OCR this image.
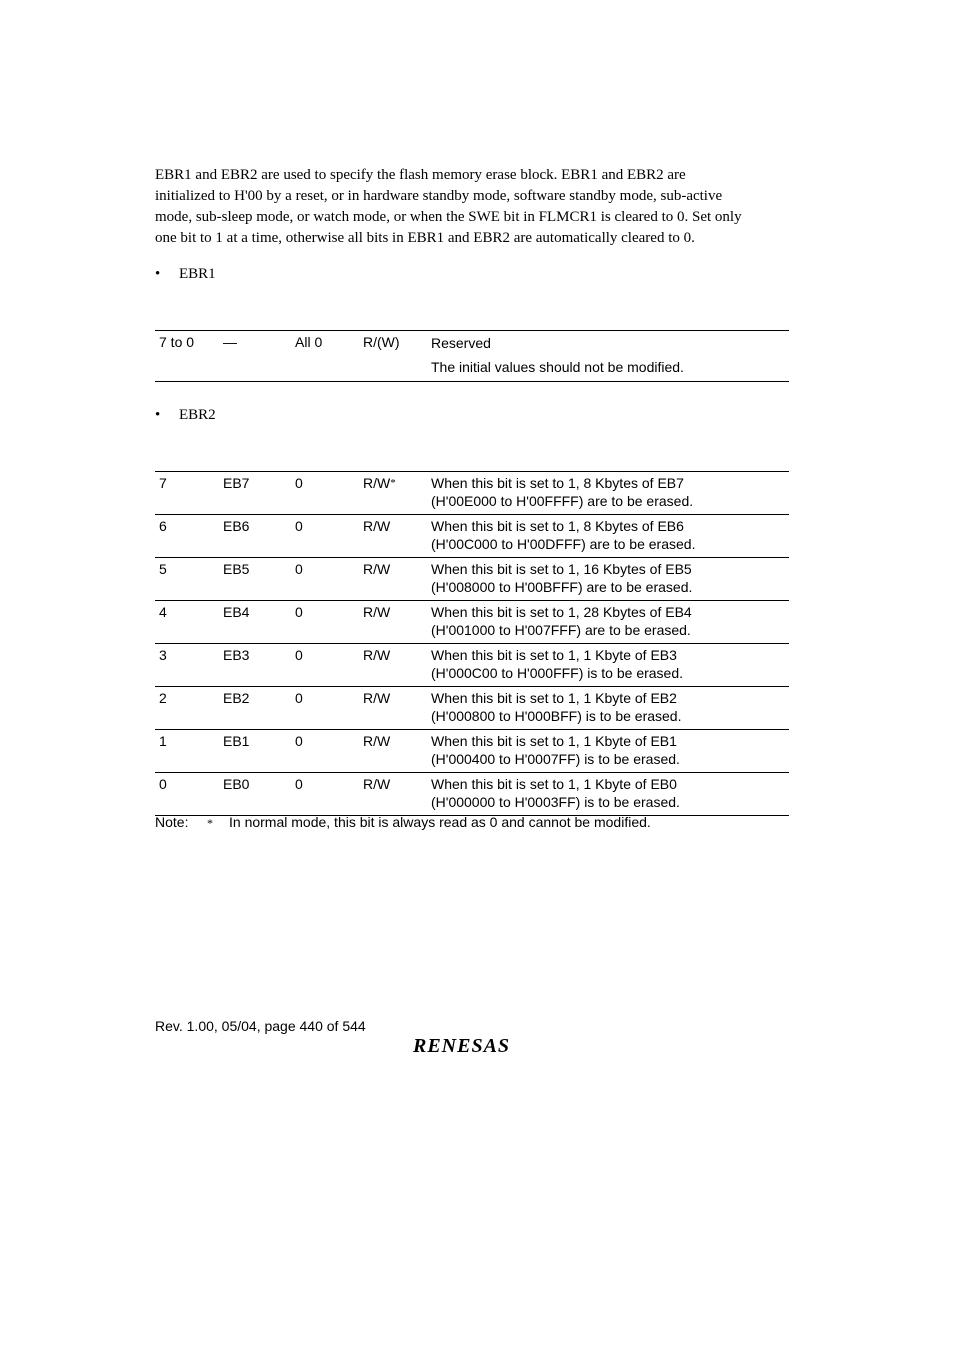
EBR1 and EBR2 are used to specify the flash memory erase block. EBR1 and EBR2 are
initialized to H'00 by a reset, or in hardware standby mode, software standby mode, sub-active
mode, sub-sleep mode, or watch mode, or when the SWE bit in FLMCR1 is cleared to 0. Set only
one bit to 1 at a time, otherwise all bits in EBR1 and EBR2 are automatically cleared to 0.

• EBR1
7 to 0	—	All 0	R/(W)	Reserved
The initial values should not be modified.
• EBR2
7	EB7	0	R/W*	When this bit is set to 1, 8 Kbytes of EB7
(H'00E000 to H'00FFFF) are to be erased.

6	EB6	0	R/W	When this bit is set to 1, 8 Kbytes of EB6
(H'00C000 to H'00DFFF) are to be erased.

5	EB5	0	R/W	When this bit is set to 1, 16 Kbytes of EB5
(H'008000 to H'00BFFF) are to be erased.

4	EB4	0	R/W	When this bit is set to 1, 28 Kbytes of EB4
(H'001000 to H'007FFF) are to be erased.

3	EB3	0	R/W	When this bit is set to 1, 1 Kbyte of EB3
(H'000C00 to H'000FFF) is to be erased.

2	EB2	0	R/W	When this bit is set to 1, 1 Kbyte of EB2
(H'000800 to H'000BFF) is to be erased.

1	EB1	0	R/W	When this bit is set to 1, 1 Kbyte of EB1
(H'000400 to H'0007FF) is to be erased.

0	EB0	0	R/W	When this bit is set to 1, 1 Kbyte of EB0
(H'000000 to H'0003FF) is to be erased.
Note: * In normal mode, this bit is always read as 0 and cannot be modified.
Rev. 1.00, 05/04, page 440 of 544
RENESAS
